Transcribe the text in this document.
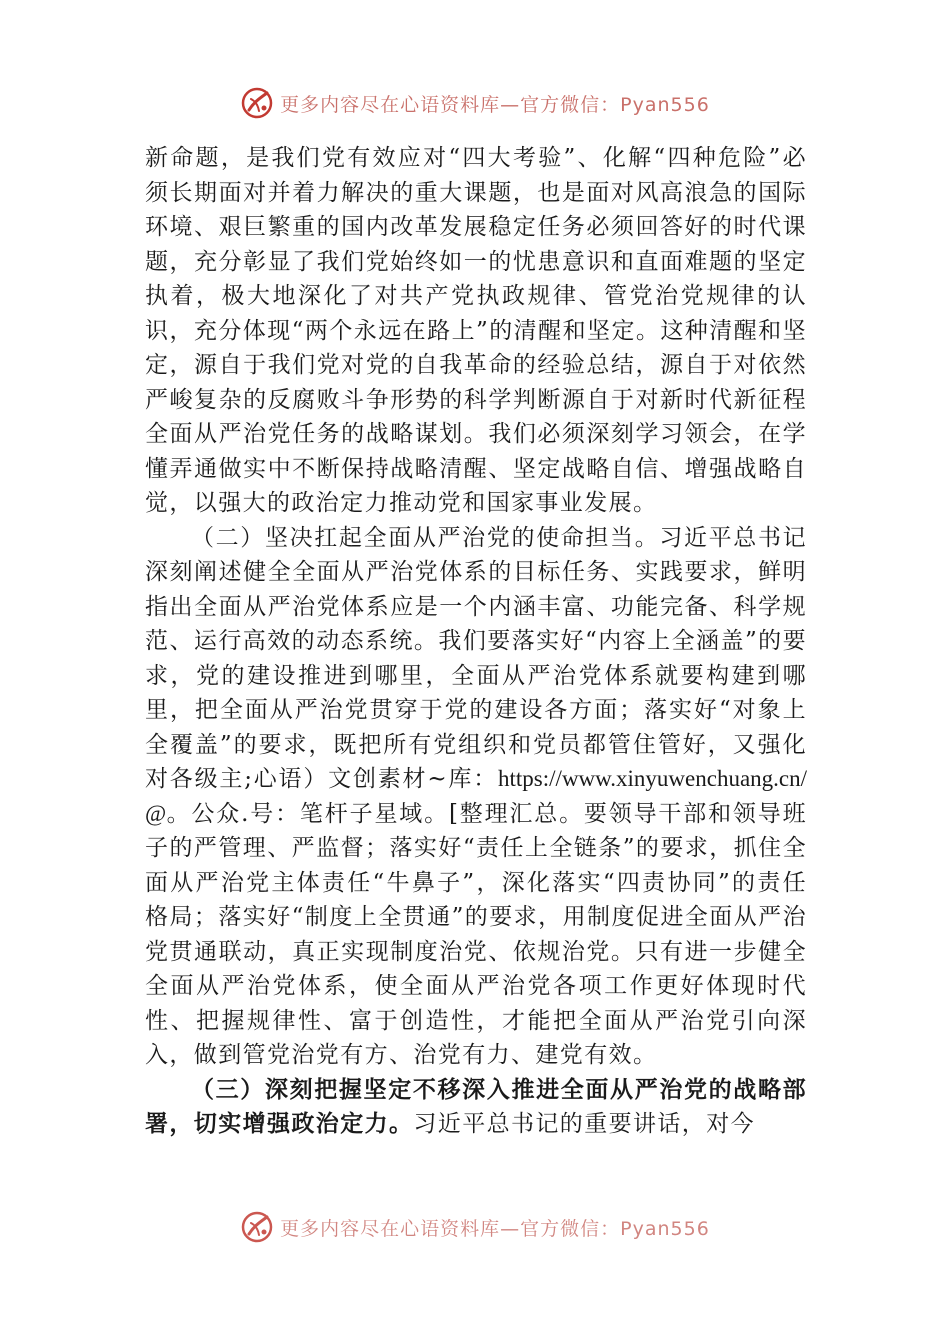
更多内容尽在心语资料库—官方微信：Pyan556

新命题，是我们党有效应对“四大考验”、化解“四种危险”必须长期面对并着力解决的重大课题，也是面对风高浪急的国际环境、艰巨繁重的国内改革发展稳定任务必须回答好的时代课题，充分彰显了我们党始终如一的忧患意识和直面难题的坚定执着，极大地深化了对共产党执政规律、管党治党规律的认识，充分体现“两个永远在路上”的清醒和坚定。这种清醒和坚定，源自于我们党对党的自我革命的经验总结，源自于对依然严峻复杂的反腐败斗争形势的科学判断源自于对新时代新征程全面从严治党任务的战略谋划。我们必须深刻学习领会，在学懂弄通做实中不断保持战略清醒、坚定战略自信、增强战略自觉，以强大的政治定力推动党和国家事业发展。

（二）坚决扛起全面从严治党的使命担当。习近平总书记深刻阐述健全全面从严治党体系的目标任务、实践要求，鲜明指出全面从严治党体系应是一个内涵丰富、功能完备、科学规范、运行高效的动态系统。我们要落实好“内容上全涵盖”的要求，党的建设推进到哪里，全面从严治党体系就要构建到哪里，把全面从严治党贯穿于党的建设各方面；落实好“对象上全覆盖”的要求，既把所有党组织和党员都管住管好，又强化对各级主;心语）文创素材~库：https://www.xinyuwenchuang.cn/@。公众.号：笔杆子星域。[整理汇总。要领导干部和领导班子的严管理、严监督；落实好“责任上全链条”的要求，抓住全面从严治党主体责任“牛鼻子”，深化落实“四责协同”的责任格局；落实好“制度上全贯通”的要求，用制度促进全面从严治党贯通联动，真正实现制度治党、依规治党。只有进一步健全全面从严治党体系，使全面从严治党各项工作更好体现时代性、把握规律性、富于创造性，才能把全面从严治党引向深入，做到管党治党有方、治党有力、建党有效。

（三）深刻把握坚定不移深入推进全面从严治党的战略部署，切实增强政治定力。习近平总书记的重要讲话，对今

更多内容尽在心语资料库—官方微信：Pyan556
